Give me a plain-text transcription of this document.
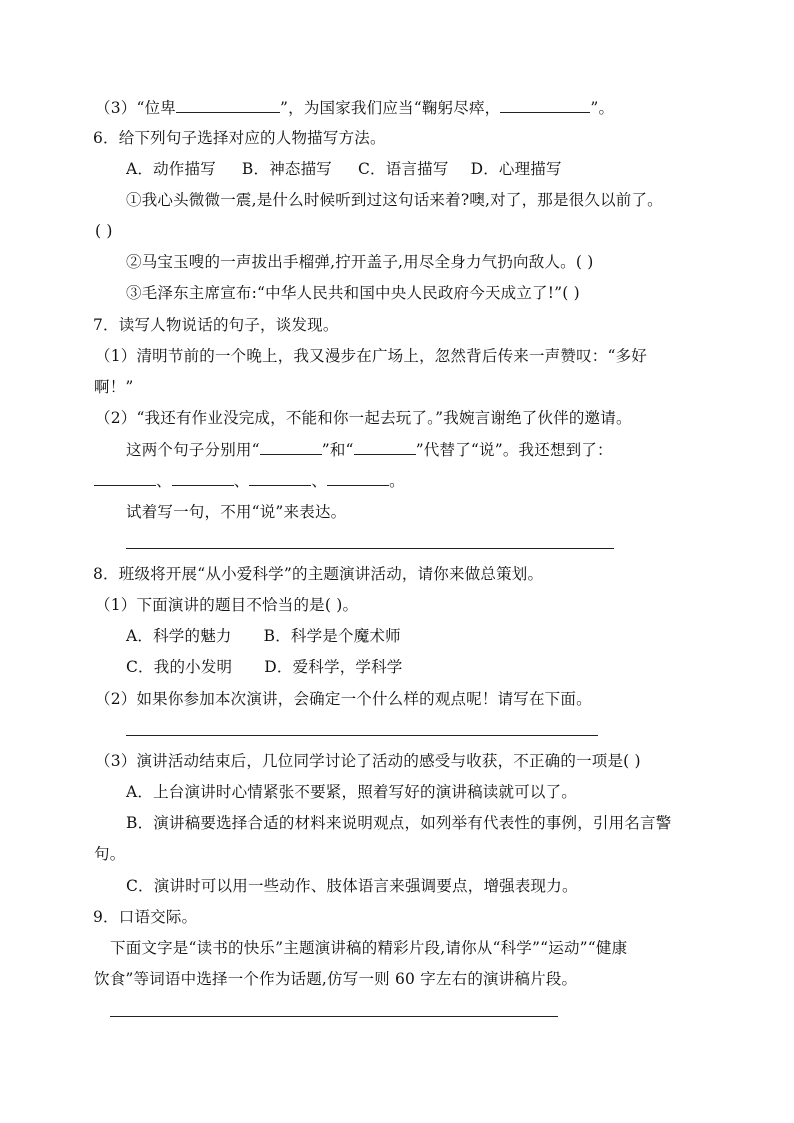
（3）“位卑	”，为国家我们应当“鞠躬尽瘁，	”。
6．给下列句子选择对应的人物描写方法。
A．动作描写 B．神态描写 C．语言描写 D．心理描写
①我心头微微一震,是什么时候听到过这句话来着?噢,对了，那是很久以前了。
( )
②马宝玉嗖的一声拔出手榴弹,拧开盖子,用尽全身力气扔向敌人。( )
③毛泽东主席宣布:“中华人民共和国中央人民政府今天成立了!”( )
7．读写人物说话的句子，谈发现。
（1）清明节前的一个晚上，我又漫步在广场上，忽然背后传来一声赞叹：“多好
啊！”
（2）“我还有作业没完成，不能和你一起去玩了。”我婉言谢绝了伙伴的邀请。
这两个句子分别用“	”和“	”代替了“说”。我还想到了：
、	、	、	。
试着写一句，不用“说”来表达。
8．班级将开展“从小爱科学”的主题演讲活动，请你来做总策划。
（1）下面演讲的题目不恰当的是( )。
A．科学的魅力 B．科学是个魔术师
C．我的小发明 D．爱科学，学科学
（2）如果你参加本次演讲，会确定一个什么样的观点呢！请写在下面。
（3）演讲活动结束后，几位同学讨论了活动的感受与收获，不正确的一项是( )
A．上台演讲时心情紧张不要紧，照着写好的演讲稿读就可以了。
B．演讲稿要选择合适的材料来说明观点，如列举有代表性的事例，引用名言警
句。
C．演讲时可以用一些动作、肢体语言来强调要点，增强表现力。
9．口语交际。
下面文字是“读书的快乐”主题演讲稿的精彩片段,请你从“科学”“运动”“健康
饮食”等词语中选择一个作为话题,仿写一则 60 字左右的演讲稿片段。
